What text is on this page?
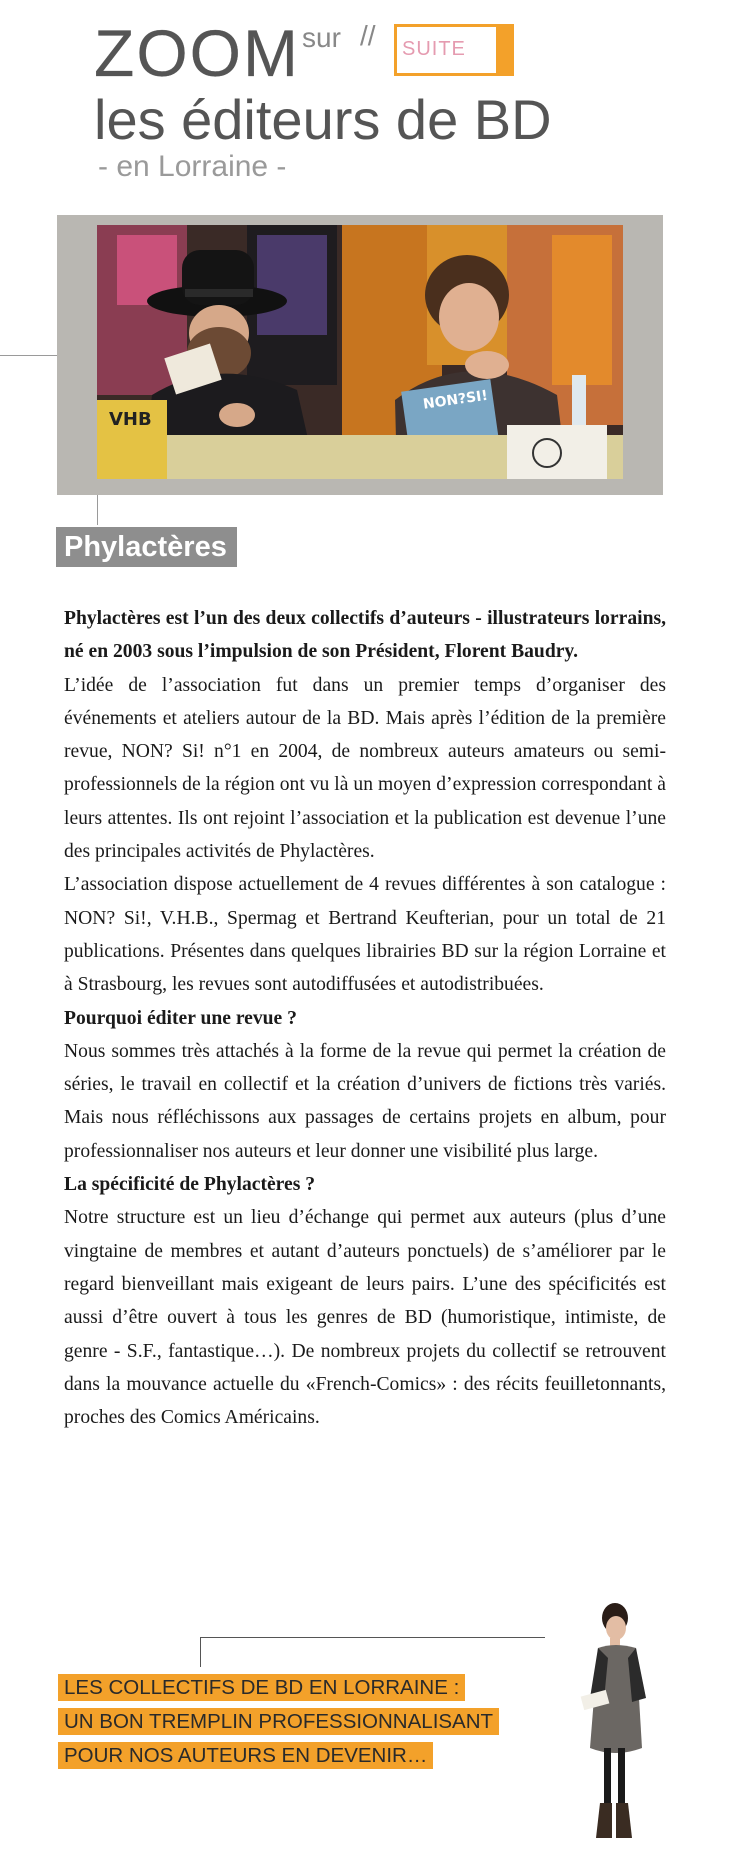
ZOOM sur // SUITE
les éditeurs de BD
- en Lorraine -
NON?SI!
VHB
Phylactères

Phylactères est l’un des deux collectifs d’auteurs - illustrateurs lorrains, né en 2003 sous l’impulsion de son Président, Florent Baudry.

L’idée de l’association fut dans un premier temps d’organiser des événements et ateliers autour de la BD. Mais après l’édition de la première revue, NON? Si! n°1 en 2004, de nombreux auteurs amateurs ou semi-professionnels de la région ont vu là un moyen d’expression correspondant à leurs attentes. Ils ont rejoint l’association et la publication est devenue l’une des principales activités de Phylactères.

L’association dispose actuellement de 4 revues différentes à son catalogue : NON? Si!, V.H.B., Spermag et Bertrand Keufterian, pour un total de 21 publications. Présentes dans quelques librairies BD sur la région Lorraine et à Strasbourg, les revues sont autodiffusées et autodistribuées.

Pourquoi éditer une revue ?

Nous sommes très attachés à la forme de la revue qui permet la création de séries, le travail en collectif et la création d’univers de fictions très variés. Mais nous réfléchissons aux passages de certains projets en album, pour professionnaliser nos auteurs et leur donner une visibilité plus large.

La spécificité de Phylactères ?

Notre structure est un lieu d’échange qui permet aux auteurs (plus d’une vingtaine de membres et autant d’auteurs ponctuels) de s’améliorer par le regard bienveillant mais exigeant de leurs pairs. L’une des spécificités est aussi d’être ouvert à tous les genres de BD (humoristique, intimiste, de genre - S.F., fantastique…). De nombreux projets du collectif se retrouvent dans la mouvance actuelle du «French-Comics» : des récits feuilletonnants, proches des Comics Américains.

LES COLLECTIFS DE BD EN LORRAINE :
UN BON TREMPLIN PROFESSIONNALISANT
POUR NOS AUTEURS EN DEVENIR…
